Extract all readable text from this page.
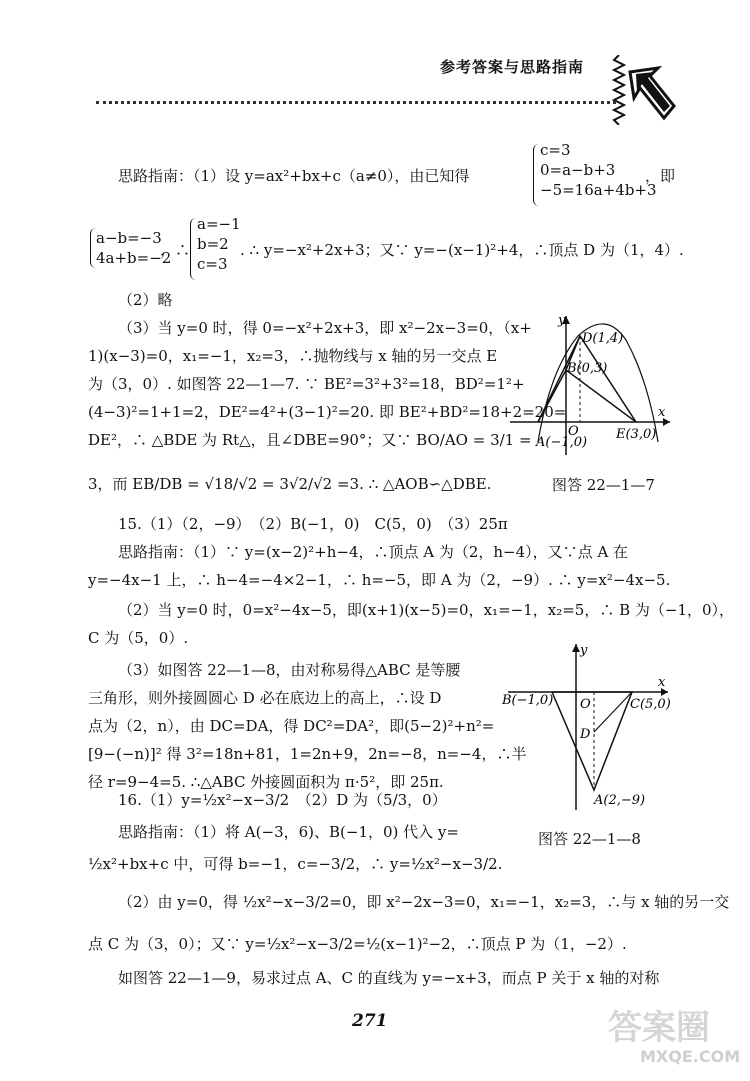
参考答案与思路指南
思路指南：（1）设 y=ax²+bx+c（a≠0），由已知得
c=3
0=a−b+3
−5=16a+4b+3
，即
a−b=−3
4a+b=−2
，∴
a=−1
b=2
c=3
. ∴ y=−x²+2x+3；又∵ y=−(x−1)²+4，∴顶点 D 为（1，4）.
（2）略
（3）当 y=0 时，得 0=−x²+2x+3，即 x²−2x−3=0，（x+
1)(x−3)=0，x₁=−1，x₂=3，∴抛物线与 x 轴的另一交点 E
为（3，0）. 如图答 22—1—7. ∵ BE²=3²+3²=18，BD²=1²+
(4−3)²=1+1=2，DE²=4²+(3−1)²=20. 即 BE²+BD²=18+2=20=
DE²，∴ △BDE 为 Rt△，且∠DBE=90°；又∵ BO/AO = 3/1 =
3，而 EB/DB = √18/√2 = 3√2/√2 =3. ∴ △AOB∽△DBE.
y
x
O
D(1,4)
B(0,3)
A(−1,0)
E(3,0)
图答 22—1—7
15.（1）（2，−9）　（2）B(−1，0)　C(5，0)　（3）25π
思路指南：（1）∵ y=(x−2)²+h−4，∴顶点 A 为（2，h−4），又∵点 A 在
y=−4x−1 上，∴ h−4=−4×2−1，∴ h=−5，即 A 为（2，−9）. ∴ y=x²−4x−5.
（2）当 y=0 时，0=x²−4x−5，即(x+1)(x−5)=0，x₁=−1，x₂=5，∴ B 为（−1，0），
C 为（5，0）.
（3）如图答 22—1—8，由对称易得△ABC 是等腰
三角形，则外接圆圆心 D 必在底边上的高上，∴设 D
点为（2，n），由 DC=DA，得 DC²=DA²，即(5−2)²+n²=
[9−(−n)]² 得 3²=18n+81，1=2n+9，2n=−8，n=−4，∴半
径 r=9−4=5. ∴△ABC 外接圆面积为 π·5²，即 25π.
y
x
O
B(−1,0)	C(5,0)
D
A(2,−9)
图答 22—1—8
16.（1）y=½x²−x−3/2　（2）D 为（5/3，0）
思路指南：（1）将 A(−3，6)、B(−1，0) 代入 y=
½x²+bx+c 中，可得 b=−1，c=−3/2，∴ y=½x²−x−3/2.
（2）由 y=0，得 ½x²−x−3/2=0，即 x²−2x−3=0，x₁=−1，x₂=3，∴与 x 轴的另一交
点 C 为（3，0）；又∵ y=½x²−x−3/2=½(x−1)²−2，∴顶点 P 为（1，−2）.
如图答 22—1—9，易求过点 A、C 的直线为 y=−x+3，而点 P 关于 x 轴的对称
271	答案圈
MXQE.COM
